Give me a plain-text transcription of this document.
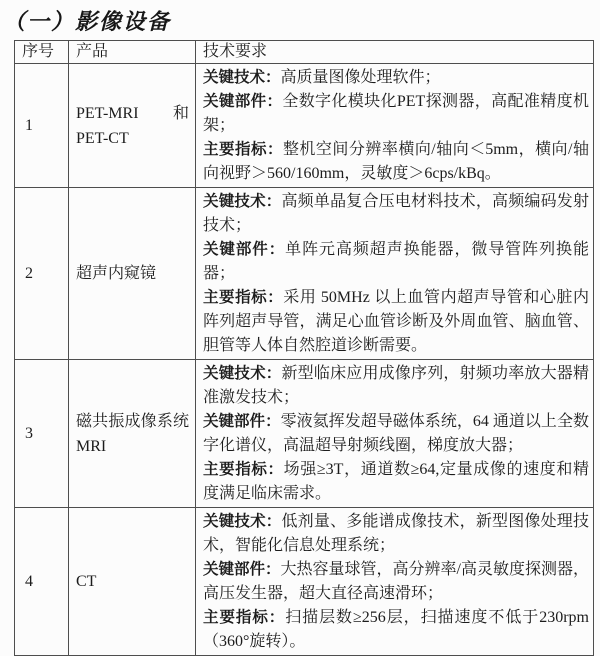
（一）影像设备
序号	产品	技术要求
1	PET-MRI 和 PET-CT	关键技术：高质量图像处理软件；

关键部件：全数字化模块化PET探测器，高配准精度机架；

主要指标：整机空间分辨率横向/轴向＜5mm，横向/轴向视野＞560/160mm，灵敏度＞6cps/kBq。

2	超声内窥镜	关键技术：高频单晶复合压电材料技术，高频编码发射技术；

关键部件：单阵元高频超声换能器，微导管阵列换能器；

主要指标：采用 50MHz 以上血管内超声导管和心脏内阵列超声导管，满足心血管诊断及外周血管、脑血管、胆管等人体自然腔道诊断需要。

3	磁共振成像系统 MRI	关键技术：新型临床应用成像序列，射频功率放大器精准激发技术；

关键部件：零液氦挥发超导磁体系统，64 通道以上全数字化谱仪，高温超导射频线圈，梯度放大器；

主要指标：场强≥3T，通道数≥64,定量成像的速度和精度满足临床需求。

4	CT	关键技术：低剂量、多能谱成像技术，新型图像处理技术，智能化信息处理系统；

关键部件：大热容量球管，高分辨率/高灵敏度探测器，高压发生器，超大直径高速滑环；

主要指标：扫描层数≥256层，扫描速度不低于230rpm（360°旋转）。
